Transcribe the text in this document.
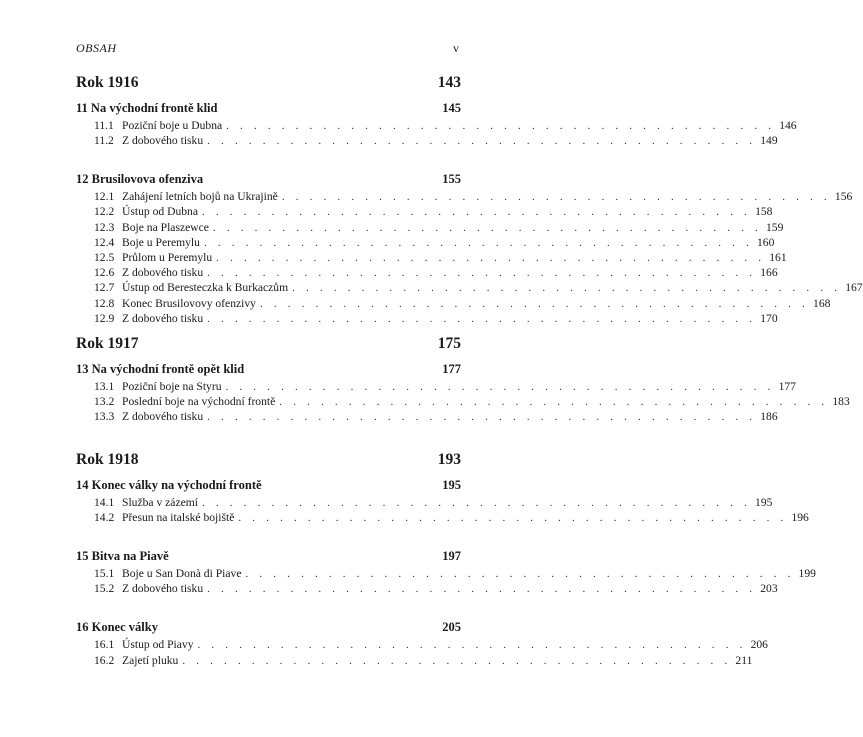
OBSAH	v
Rok 1916	143
11 Na východní frontě klid	145
11.1 Poziční boje u Dubna . . . . . . . . . . . . . . . . . . . . . . . . . . . . . . . . . . . . . . . . 146
11.2 Z dobového tisku . . . . . . . . . . . . . . . . . . . . . . . . . . . . . . . . . . . . . . . . 149
12 Brusilovova ofenziva	155
12.1 Zahájení letních bojů na Ukrajině . . . . . . . . . . . . . . . . . . . . . . . . . . . . . . . . . . . . . . . . 156
12.2 Ústup od Dubna . . . . . . . . . . . . . . . . . . . . . . . . . . . . . . . . . . . . . . . . 158
12.3 Boje na Plaszewce . . . . . . . . . . . . . . . . . . . . . . . . . . . . . . . . . . . . . . . . 159
12.4 Boje u Peremylu . . . . . . . . . . . . . . . . . . . . . . . . . . . . . . . . . . . . . . . . 160
12.5 Průlom u Peremylu . . . . . . . . . . . . . . . . . . . . . . . . . . . . . . . . . . . . . . . . 161
12.6 Z dobového tisku . . . . . . . . . . . . . . . . . . . . . . . . . . . . . . . . . . . . . . . . 166
12.7 Ústup od Beresteczka k Burkaczům . . . . . . . . . . . . . . . . . . . . . . . . . . . . . . . . . . . . . . . . 167
12.8 Konec Brusilovovy ofenzivy . . . . . . . . . . . . . . . . . . . . . . . . . . . . . . . . . . . . . . . . 168
12.9 Z dobového tisku . . . . . . . . . . . . . . . . . . . . . . . . . . . . . . . . . . . . . . . . 170
Rok 1917	175
13 Na východní frontě opět klid	177
13.1 Poziční boje na Styru . . . . . . . . . . . . . . . . . . . . . . . . . . . . . . . . . . . . . . . . 177
13.2 Poslední boje na východní frontě . . . . . . . . . . . . . . . . . . . . . . . . . . . . . . . . . . . . . . . . 183
13.3 Z dobového tisku . . . . . . . . . . . . . . . . . . . . . . . . . . . . . . . . . . . . . . . . 186
Rok 1918	193
14 Konec války na východní frontě	195
14.1 Služba v zázemí . . . . . . . . . . . . . . . . . . . . . . . . . . . . . . . . . . . . . . . . 195
14.2 Přesun na italské bojiště . . . . . . . . . . . . . . . . . . . . . . . . . . . . . . . . . . . . . . . . 196
15 Bitva na Piavě	197
15.1 Boje u San Donà di Piave . . . . . . . . . . . . . . . . . . . . . . . . . . . . . . . . . . . . . . . . 199
15.2 Z dobového tisku . . . . . . . . . . . . . . . . . . . . . . . . . . . . . . . . . . . . . . . . 203
16 Konec války	205
16.1 Ústup od Piavy . . . . . . . . . . . . . . . . . . . . . . . . . . . . . . . . . . . . . . . . 206
16.2 Zajetí pluku . . . . . . . . . . . . . . . . . . . . . . . . . . . . . . . . . . . . . . . . 211
